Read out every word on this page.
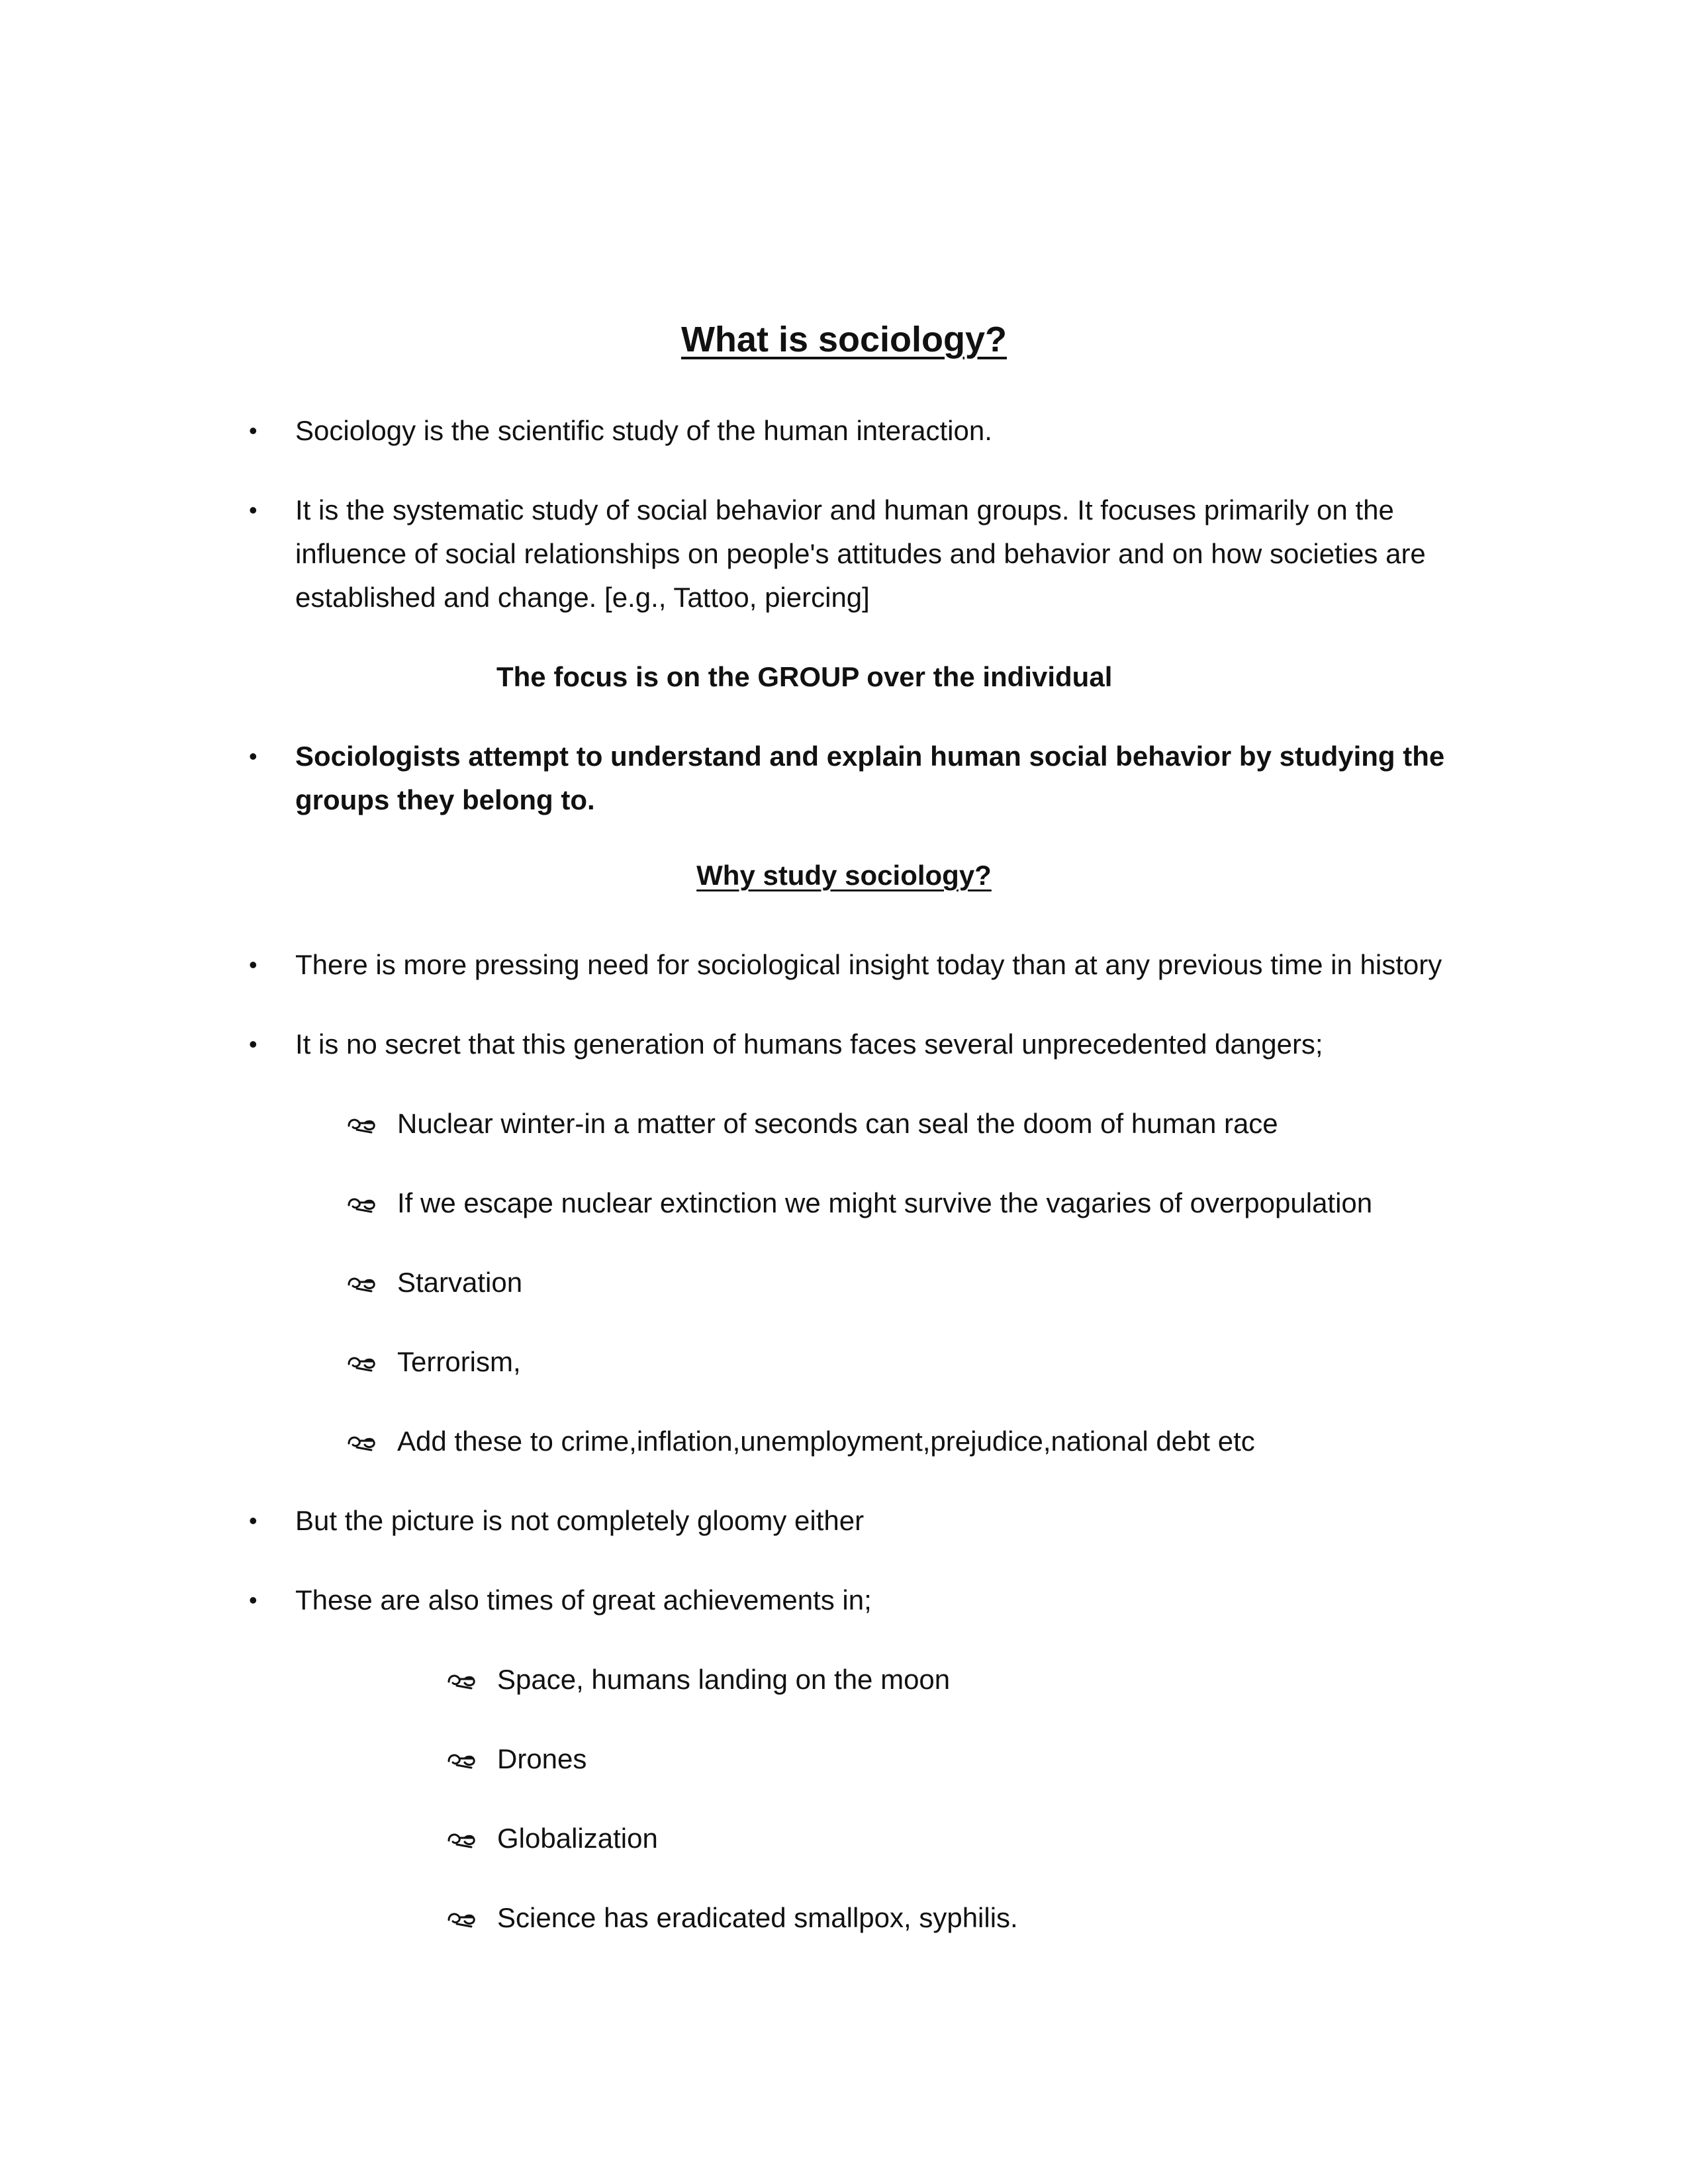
What is sociology?
•	Sociology is the scientific study of the human interaction.
•	It is the systematic study of social behavior and human groups. It focuses primarily on the influence of social relationships on people's attitudes and behavior and on how societies are established and change. [e.g., Tattoo, piercing]

The focus is on the GROUP over the individual

•	Sociologists attempt to understand and explain human social behavior by studying the groups they belong to.

Why study sociology?

•	There is more pressing need for sociological insight today than at any previous time in history
•	It is no secret that this generation of humans faces several unprecedented dangers;
Nuclear winter-in a matter of seconds can seal the doom of human race
If we escape nuclear extinction we might survive the vagaries of overpopulation
Starvation
Terrorism,
Add these to crime,inflation,unemployment,prejudice,national debt etc
•	But the picture is not completely gloomy either
•	These are also times of great achievements in;
Space, humans landing on the moon
Drones
Globalization
Science has eradicated smallpox, syphilis.
